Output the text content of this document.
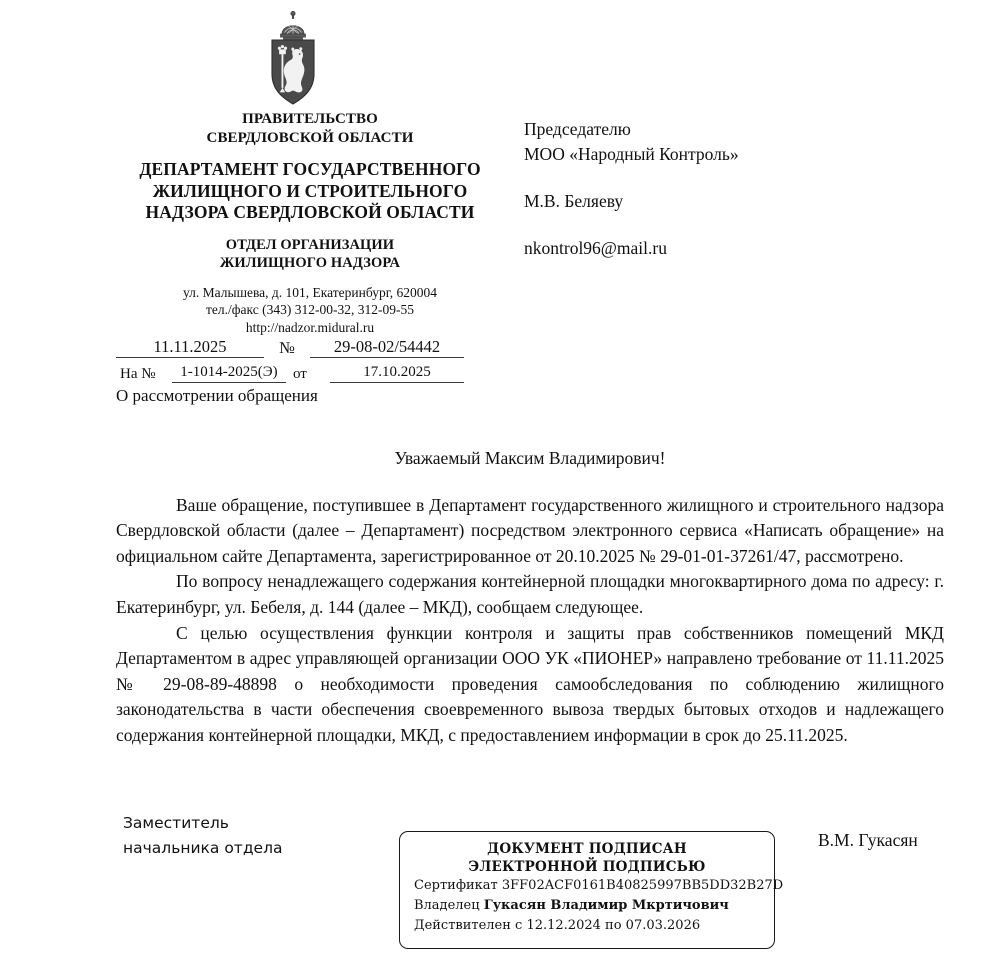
ПРАВИТЕЛЬСТВО
СВЕРДЛОВСКОЙ ОБЛАСТИ
ДЕПАРТАМЕНТ ГОСУДАРСТВЕННОГО
ЖИЛИЩНОГО И СТРОИТЕЛЬНОГО
НАДЗОРА СВЕРДЛОВСКОЙ ОБЛАСТИ
ОТДЕЛ ОРГАНИЗАЦИИ
ЖИЛИЩНОГО НАДЗОРА
ул. Малышева, д. 101, Екатеринбург, 620004
тел./факс (343) 312-00-32, 312-09-55
http://nadzor.midural.ru
Председателю
МОО «Народный Контроль»
М.В. Беляеву
nkontrol96@mail.ru
11.11.2025	№	29-08-02/54442
На №	1-1014-2025(Э)	от	17.10.2025
О рассмотрении обращения
Уважаемый Максим Владимирович!

Ваше обращение, поступившее в Департамент государственного жилищного и строительного надзора Свердловской области (далее – Департамент) посредством электронного сервиса «Написать обращение» на официальном сайте Департамента, зарегистрированное от 20.10.2025 № 29-01-01-37261/47, рассмотрено.

По вопросу ненадлежащего содержания контейнерной площадки многоквартирного дома по адресу: г. Екатеринбург, ул. Бебеля, д. 144 (далее – МКД), сообщаем следующее.

С целью осуществления функции контроля и защиты прав собственников помещений МКД Департаментом в адрес управляющей организации ООО УК «ПИОНЕР» направлено требование от 11.11.2025 № 29-08-89-48898 о необходимости проведения самообследования по соблюдению жилищного законодательства в части обеспечения своевременного вывоза твердых бытовых отходов и надлежащего содержания контейнерной площадки, МКД, с предоставлением информации в срок до 25.11.2025.

Заместитель
начальника отдела	В.М. Гукасян
ДОКУМЕНТ ПОДПИСАН
ЭЛЕКТРОННОЙ ПОДПИСЬЮ
Сертификат 3FF02ACF0161B40825997BB5DD32B27D
Владелец Гукасян Владимир Мкртичович
Действителен с 12.12.2024 по 07.03.2026
